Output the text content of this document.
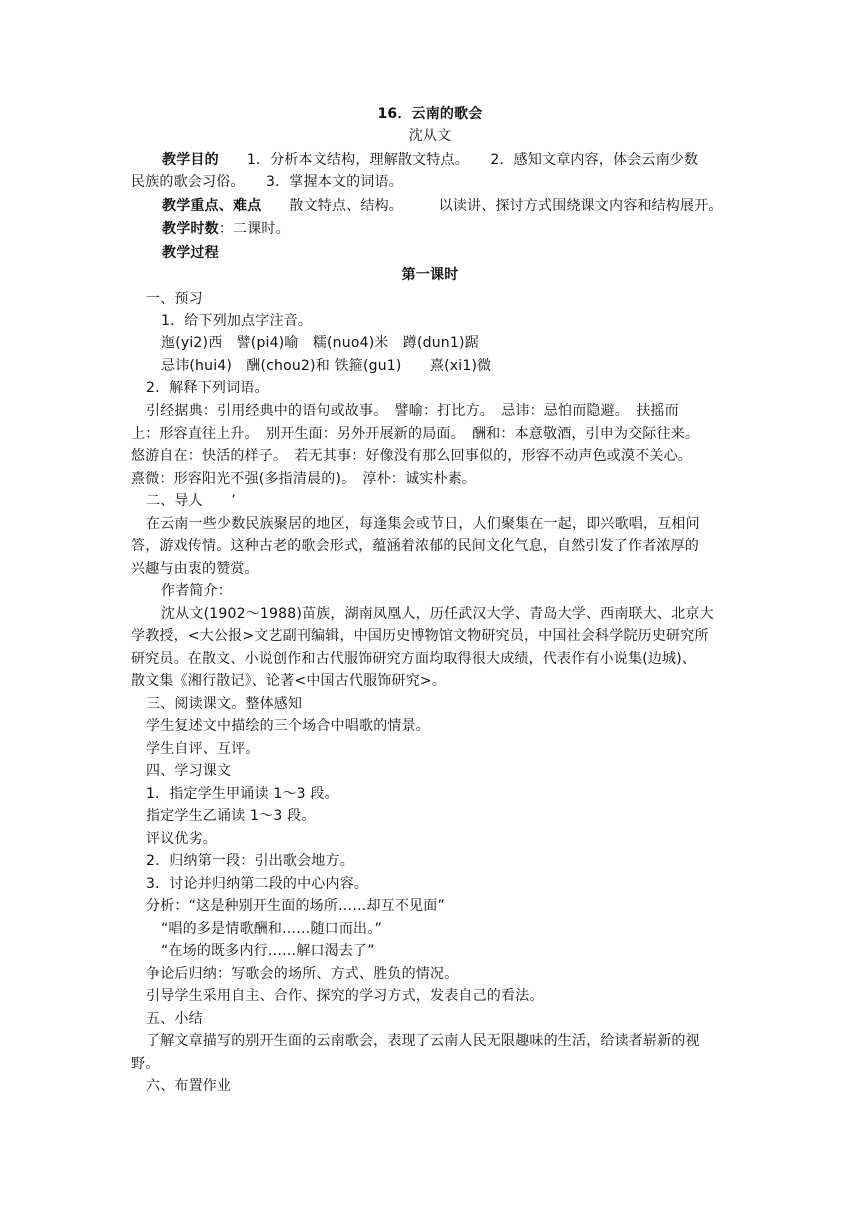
16．云南的歌会
沈从文
教学目的 1．分析本文结构，理解散文特点。　　2．感知文章内容，体会云南少数
民族的歌会习俗。　　3．掌握本文的词语。
教学重点、难点 散文特点、结构。　　　以读讲、探讨方式围绕课文内容和结构展开。
教学时数：二课时。
教学过程
第一课时
一、预习
1．给下列加点字注音。
迤(yi2)西　譬(pi4)喻　糯(nuo4)米　蹲(dun1)踞
忌讳(hui4)　酬(chou2)和 铁箍(gu1)　　熹(xi1)微
2．解释下列词语。
引经据典：引用经典中的语句或故事。　譬喻：打比方。　忌讳：忌怕而隐避。　扶摇而
上：形容直往上升。　别开生面：另外开展新的局面。　酬和：本意敬酒，引申为交际往来。
悠游自在：快活的样子。　若无其事：好像没有那么回事似的，形容不动声色或漠不关心。
熹微：形容阳光不强(多指清晨的)。　淳朴：诚实朴素。
二、导人　　’
在云南一些少数民族聚居的地区，每逢集会或节日，人们聚集在一起，即兴歌唱，互相问
答，游戏传情。这种古老的歌会形式，蕴涵着浓郁的民间文化气息，自然引发了作者浓厚的
兴趣与由衷的赞赏。
作者简介：
沈从文(1902～1988)苗族，湖南凤凰人，历任武汉大学、青岛大学、西南联大、北京大
学教授，<大公报>文艺副刊编辑，中国历史博物馆文物研究员，中国社会科学院历史研究所
研究员。在散文、小说创作和古代服饰研究方面均取得很大成绩，代表作有小说集(边城)、
散文集《湘行散记》、论著<中国古代服饰研究>。
三、阅读课文。整体感知
学生复述文中描绘的三个场合中唱歌的情景。
学生自评、互评。
四、学习课文
1．指定学生甲诵读 1～3 段。
指定学生乙诵读 1～3 段。
评议优劣。
2．归纳第一段：引出歌会地方。
3．讨论并归纳第二段的中心内容。
分析：“这是种别开生面的场所……却互不见面”
“唱的多是情歌酬和……随口而出。”
“在场的既多内行……解口渴去了”
争论后归纳：写歌会的场所、方式、胜负的情况。
引导学生采用自主、合作、探究的学习方式，发表自己的看法。
五、小结
了解文章描写的别开生面的云南歌会，表现了云南人民无限趣味的生活，给读者崭新的视
野。
六、布置作业
